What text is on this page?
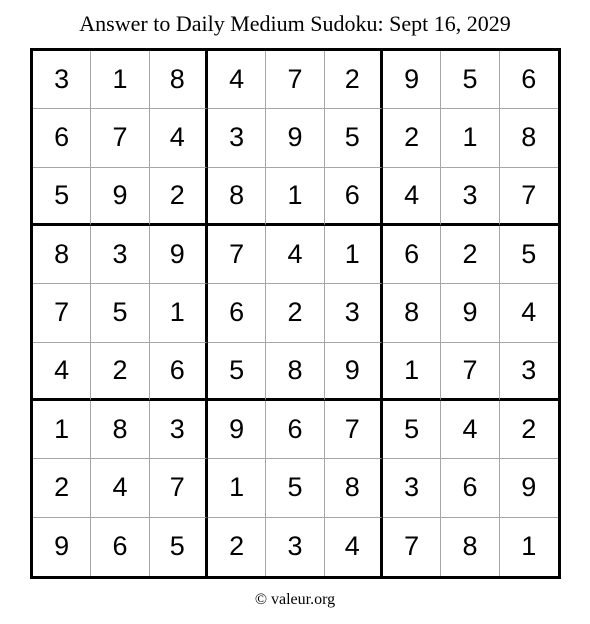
Answer to Daily Medium Sudoku: Sept 16, 2029
3	1	8	4	7	2	9	5	6
6	7	4	3	9	5	2	1	8
5	9	2	8	1	6	4	3	7
8	3	9	7	4	1	6	2	5
7	5	1	6	2	3	8	9	4
4	2	6	5	8	9	1	7	3
1	8	3	9	6	7	5	4	2
2	4	7	1	5	8	3	6	9
9	6	5	2	3	4	7	8	1
© valeur.org
